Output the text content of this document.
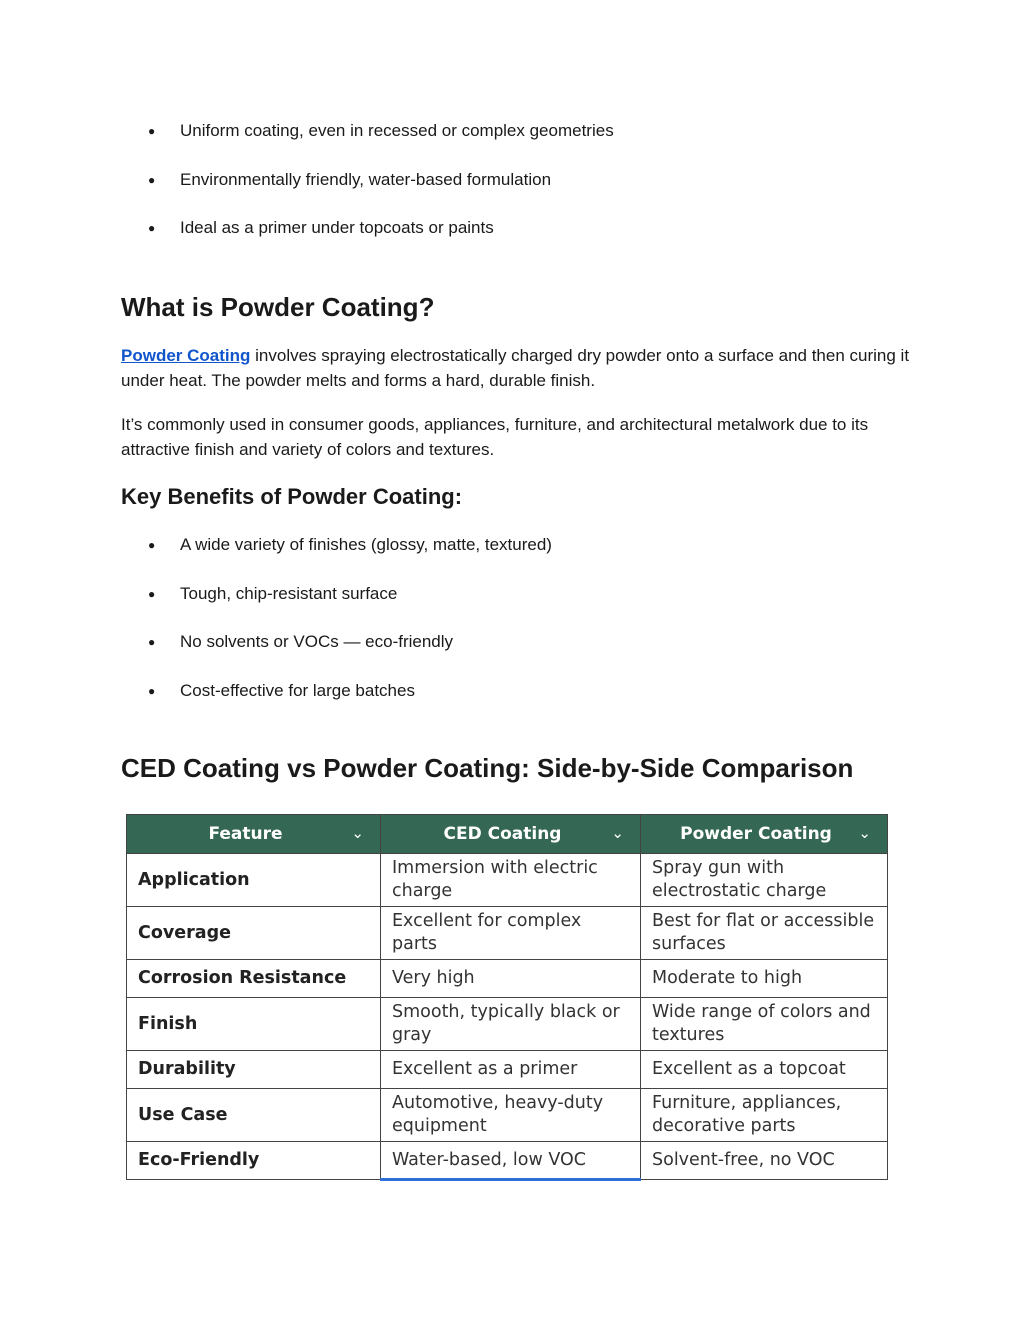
● Uniform coating, even in recessed or complex geometries
● Environmentally friendly, water-based formulation
● Ideal as a primer under topcoats or paints
What is Powder Coating?

Powder Coating involves spraying electrostatically charged dry powder onto a surface and then curing it under heat. The powder melts and forms a hard, durable finish.

It’s commonly used in consumer goods, appliances, furniture, and architectural metalwork due to its attractive finish and variety of colors and textures.

Key Benefits of Powder Coating:
● A wide variety of finishes (glossy, matte, textured)
● Tough, chip-resistant surface
● No solvents or VOCs — eco-friendly
● Cost-effective for large batches
CED Coating vs Powder Coating: Side-by-Side Comparison
Feature ⌄	CED Coating ⌄	Powder Coating ⌄

Application	Immersion with electric charge	Spray gun with electrostatic charge
Coverage	Excellent for complex parts	Best for flat or accessible surfaces
Corrosion Resistance	Very high	Moderate to high
Finish	Smooth, typically black or gray	Wide range of colors and textures
Durability	Excellent as a primer	Excellent as a topcoat
Use Case	Automotive, heavy-duty equipment	Furniture, appliances, decorative parts
Eco-Friendly	Water-based, low VOC	Solvent-free, no VOC
